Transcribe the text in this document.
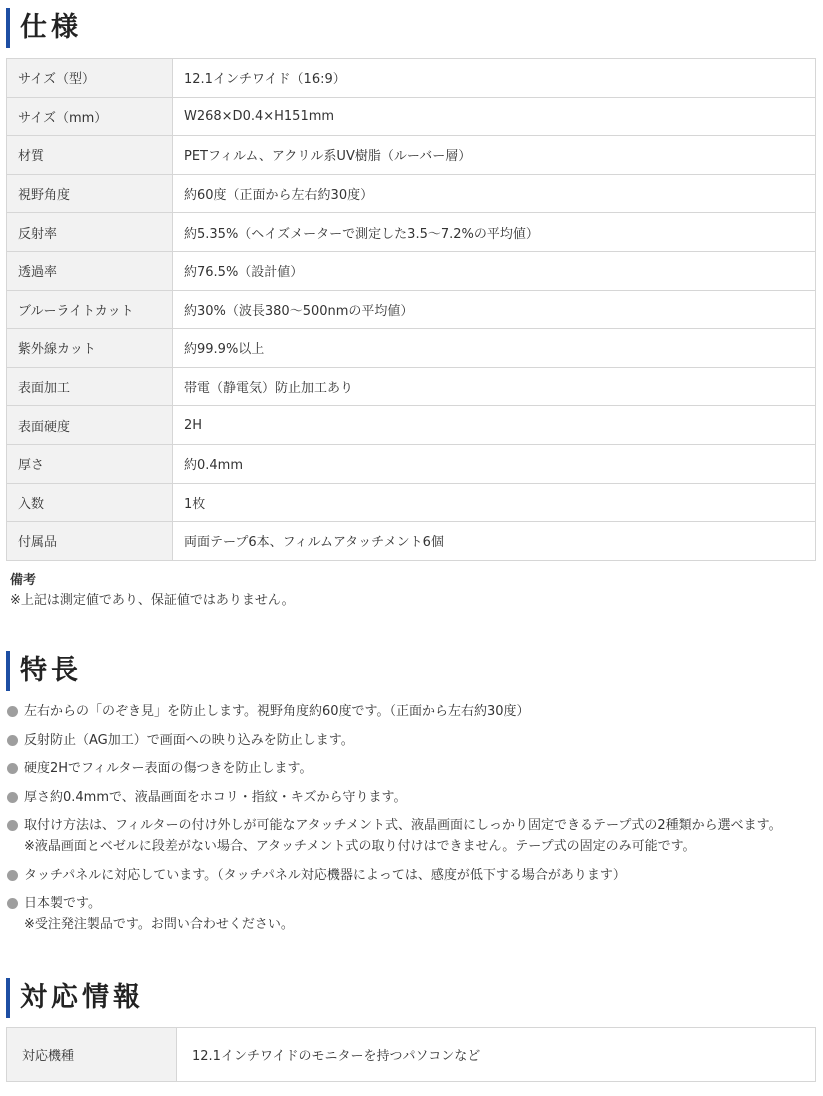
仕様
サイズ（型）	12.1インチワイド（16:9）
サイズ（mm）	W268×D0.4×H151mm
材質	PETフィルム、アクリル系UV樹脂（ルーバー層）
視野角度	約60度（正面から左右約30度）
反射率	約5.35%（ヘイズメーターで測定した3.5〜7.2%の平均値）
透過率	約76.5%（設計値）
ブルーライトカット	約30%（波長380〜500nmの平均値）
紫外線カット	約99.9%以上
表面加工	帯電（静電気）防止加工あり
表面硬度	2H
厚さ	約0.4mm
入数	1枚
付属品	両面テープ6本、フィルムアタッチメント6個
備考
※上記は測定値であり、保証値ではありません。
特長
左右からの「のぞき見」を防止します。視野角度約60度です。（正面から左右約30度）
反射防止（AG加工）で画面への映り込みを防止します。
硬度2Hでフィルター表面の傷つきを防止します。
厚さ約0.4mmで、液晶画面をホコリ・指紋・キズから守ります。
取付け方法は、フィルターの付け外しが可能なアタッチメント式、液晶画面にしっかり固定できるテープ式の2種類から選べます。
※液晶画面とベゼルに段差がない場合、アタッチメント式の取り付けはできません。テープ式の固定のみ可能です。
タッチパネルに対応しています。（タッチパネル対応機器によっては、感度が低下する場合があります）
日本製です。
※受注発注製品です。お問い合わせください。
対応情報
対応機種	12.1インチワイドのモニターを持つパソコンなど
